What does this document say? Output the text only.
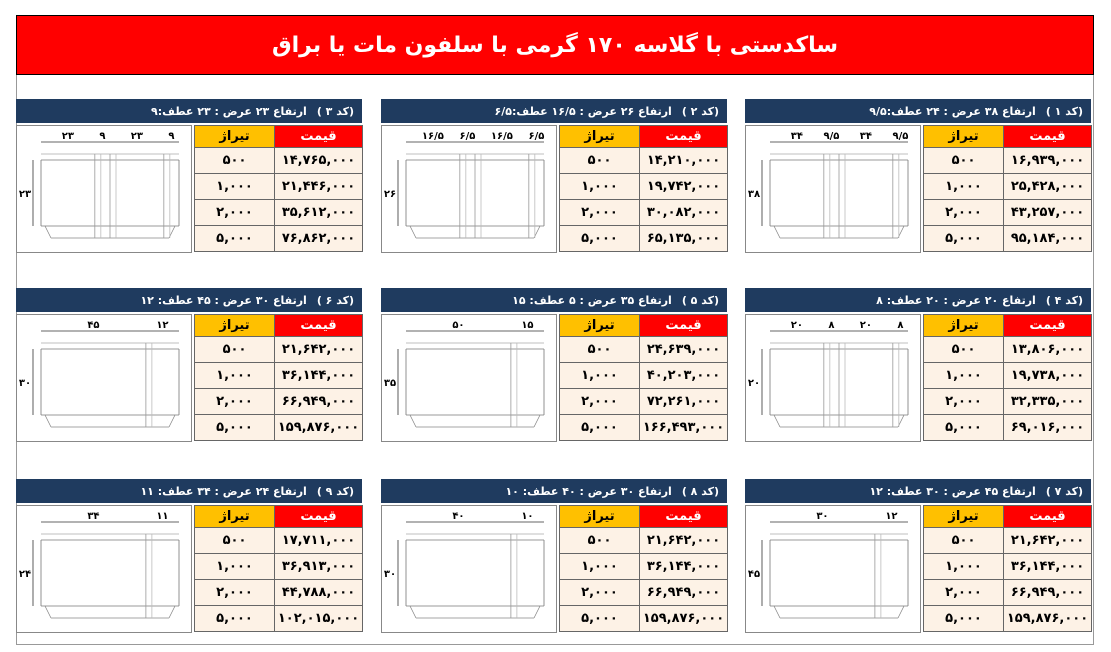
ساکدستی با گلاسه ۱۷۰ گرمی با سلفون مات یا براق
(کد ۱ )
ارتفاع ۳۸ عرض : ۲۴ عطف:۹/۵
۳۴ ۹/۵ ۳۴ ۹/۵
۳۸
تیراژ	قیمت
۵۰۰	۱۶,۹۳۹,۰۰۰
۱,۰۰۰	۲۵,۴۲۸,۰۰۰
۲,۰۰۰	۴۳,۲۵۷,۰۰۰
۵,۰۰۰	۹۵,۱۸۴,۰۰۰
(کد ۲ )
ارتفاع ۲۶ عرض : ۱۶/۵ عطف:۶/۵
۱۶/۵ ۶/۵ ۱۶/۵ ۶/۵
۲۶
تیراژ	قیمت
۵۰۰	۱۴,۲۱۰,۰۰۰
۱,۰۰۰	۱۹,۷۴۲,۰۰۰
۲,۰۰۰	۳۰,۰۸۲,۰۰۰
۵,۰۰۰	۶۵,۱۳۵,۰۰۰
(کد ۳ )
ارتفاع ۲۳ عرض : ۲۳ عطف:۹
۲۳	۹	۲۳	۹
۲۳
تیراژ	قیمت
۵۰۰	۱۴,۷۶۵,۰۰۰
۱,۰۰۰	۲۱,۴۴۶,۰۰۰
۲,۰۰۰	۳۵,۶۱۲,۰۰۰
۵,۰۰۰	۷۶,۸۶۲,۰۰۰
(کد ۴ )
ارتفاع ۲۰ عرض : ۲۰ عطف: ۸
۲۰	۸	۲۰	۸
۲۰
تیراژ	قیمت
۵۰۰	۱۳,۸۰۶,۰۰۰
۱,۰۰۰	۱۹,۷۳۸,۰۰۰
۲,۰۰۰	۳۲,۳۳۵,۰۰۰
۵,۰۰۰	۶۹,۰۱۶,۰۰۰
(کد ۵ )
ارتفاع ۳۵ عرض : ۵ عطف: ۱۵
۵۰	۱۵
۳۵
تیراژ	قیمت
۵۰۰	۲۴,۶۳۹,۰۰۰
۱,۰۰۰	۴۰,۲۰۳,۰۰۰
۲,۰۰۰	۷۲,۲۶۱,۰۰۰
۵,۰۰۰	۱۶۶,۴۹۳,۰۰۰
(کد ۶ )
ارتفاع ۳۰ عرض : ۴۵ عطف: ۱۲
۴۵	۱۲
۳۰
تیراژ	قیمت
۵۰۰	۲۱,۶۴۲,۰۰۰
۱,۰۰۰	۳۶,۱۴۴,۰۰۰
۲,۰۰۰	۶۶,۹۴۹,۰۰۰
۵,۰۰۰	۱۵۹,۸۷۶,۰۰۰
(کد ۷ )
ارتفاع ۴۵ عرض : ۳۰ عطف: ۱۲
۳۰	۱۲
۴۵
تیراژ	قیمت
۵۰۰	۲۱,۶۴۲,۰۰۰
۱,۰۰۰	۳۶,۱۴۴,۰۰۰
۲,۰۰۰	۶۶,۹۴۹,۰۰۰
۵,۰۰۰	۱۵۹,۸۷۶,۰۰۰
(کد ۸ )
ارتفاع ۳۰ عرض : ۴۰ عطف: ۱۰
۴۰	۱۰
۳۰
تیراژ	قیمت
۵۰۰	۲۱,۶۴۲,۰۰۰
۱,۰۰۰	۳۶,۱۴۴,۰۰۰
۲,۰۰۰	۶۶,۹۴۹,۰۰۰
۵,۰۰۰	۱۵۹,۸۷۶,۰۰۰
(کد ۹ )
ارتفاع ۲۴ عرض : ۳۴ عطف: ۱۱
۳۴	۱۱
۲۴
تیراژ	قیمت
۵۰۰	۱۷,۷۱۱,۰۰۰
۱,۰۰۰	۳۶,۹۱۳,۰۰۰
۲,۰۰۰	۴۴,۷۸۸,۰۰۰
۵,۰۰۰	۱۰۲,۰۱۵,۰۰۰
